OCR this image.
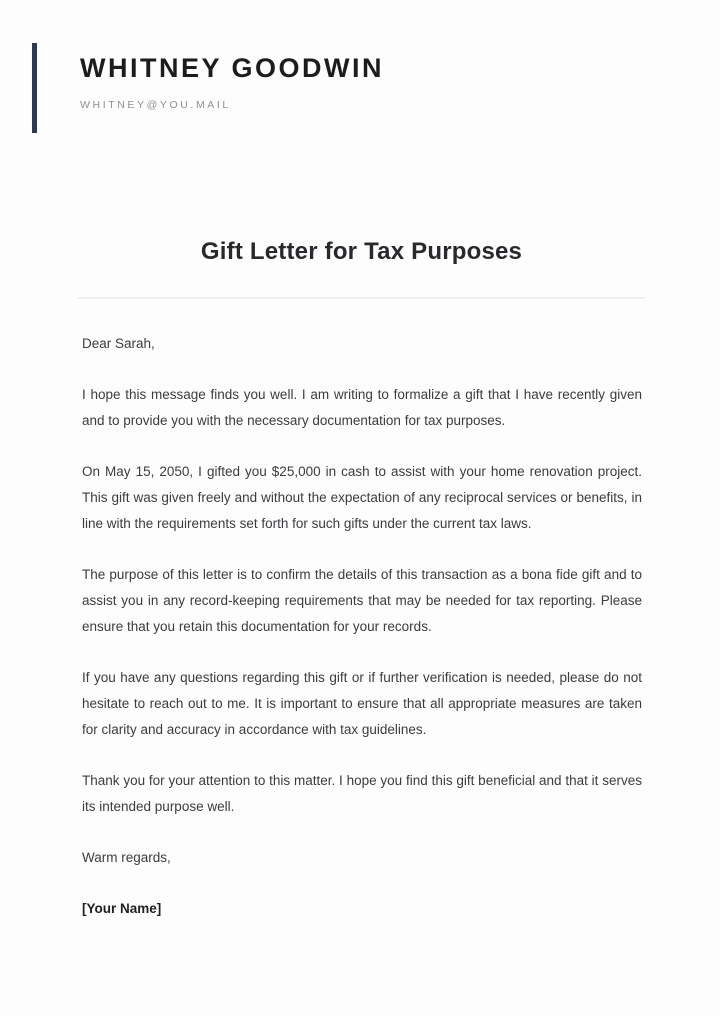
WHITNEY GOODWIN
WHITNEY@YOU.MAIL
Gift Letter for Tax Purposes

Dear Sarah,

I hope this message finds you well. I am writing to formalize a gift that I have recently given and to provide you with the necessary documentation for tax purposes.

On May 15, 2050, I gifted you $25,000 in cash to assist with your home renovation project. This gift was given freely and without the expectation of any reciprocal services or benefits, in line with the requirements set forth for such gifts under the current tax laws.

The purpose of this letter is to confirm the details of this transaction as a bona fide gift and to assist you in any record-keeping requirements that may be needed for tax reporting. Please ensure that you retain this documentation for your records.

If you have any questions regarding this gift or if further verification is needed, please do not hesitate to reach out to me. It is important to ensure that all appropriate measures are taken for clarity and accuracy in accordance with tax guidelines.

Thank you for your attention to this matter. I hope you find this gift beneficial and that it serves its intended purpose well.

Warm regards,

[Your Name]
